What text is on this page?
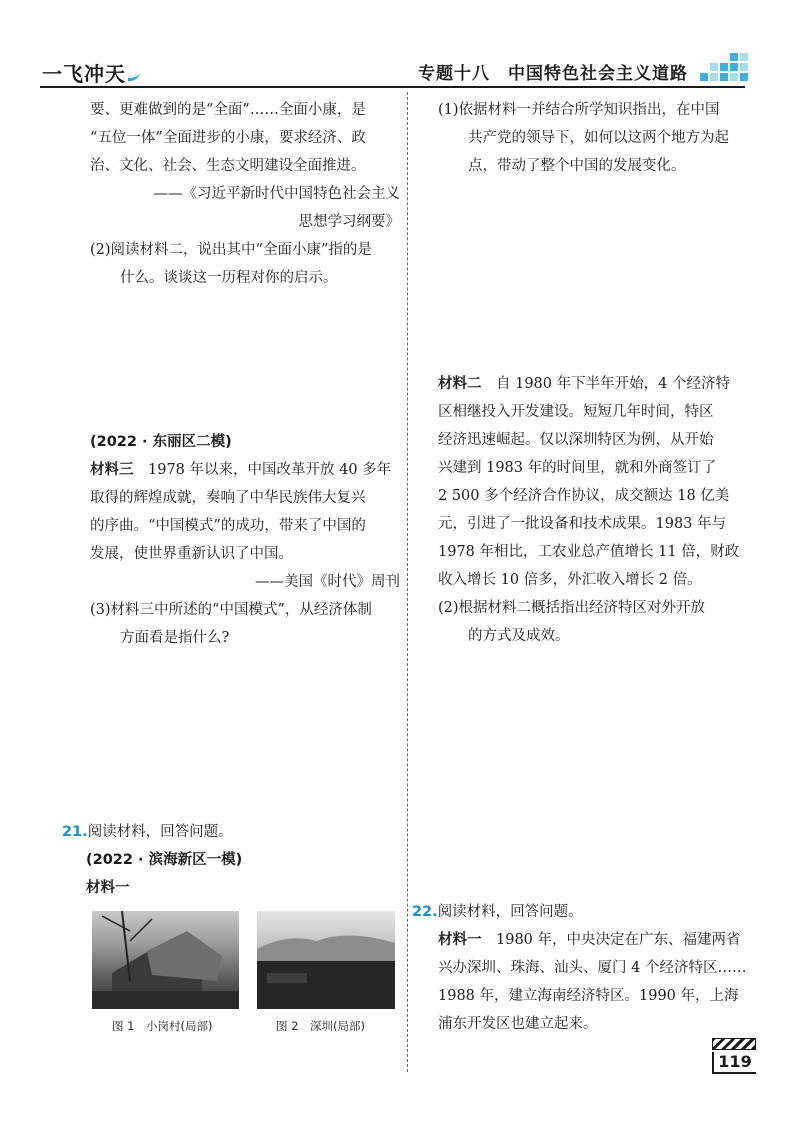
一飞冲天	专题十八　中国特色社会主义道路

要、更难做到的是“全面”……全面小康，是

“五位一体”全面进步的小康，要求经济、政

治、文化、社会、生态文明建设全面推进。

——《习近平新时代中国特色社会主义

思想学习纲要》

(2)阅读材料二，说出其中“全面小康”指的是

什么。谈谈这一历程对你的启示。

(2022 · 东丽区二模)

材料三　1978 年以来，中国改革开放 40 多年

取得的辉煌成就，奏响了中华民族伟大复兴

的序曲。“中国模式”的成功，带来了中国的

发展，使世界重新认识了中国。

——美国《时代》周刊

(3)材料三中所述的“中国模式”，从经济体制

方面看是指什么?

21.阅读材料，回答问题。

(2022 · 滨海新区一模)

材料一

图 1　小岗村(局部)	图 2　深圳(局部)

(1)依据材料一并结合所学知识指出，在中国

共产党的领导下，如何以这两个地方为起

点，带动了整个中国的发展变化。

材料二　自 1980 年下半年开始，4 个经济特

区相继投入开发建设。短短几年时间，特区

经济迅速崛起。仅以深圳特区为例，从开始

兴建到 1983 年的时间里，就和外商签订了

2 500 多个经济合作协议，成交额达 18 亿美

元，引进了一批设备和技术成果。1983 年与

1978 年相比，工农业总产值增长 11 倍，财政

收入增长 10 倍多，外汇收入增长 2 倍。

(2)根据材料二概括指出经济特区对外开放

的方式及成效。

22.阅读材料，回答问题。

材料一　1980 年，中央决定在广东、福建两省

兴办深圳、珠海、汕头、厦门 4 个经济特区……

1988 年，建立海南经济特区。1990 年，上海

浦东开发区也建立起来。

119
